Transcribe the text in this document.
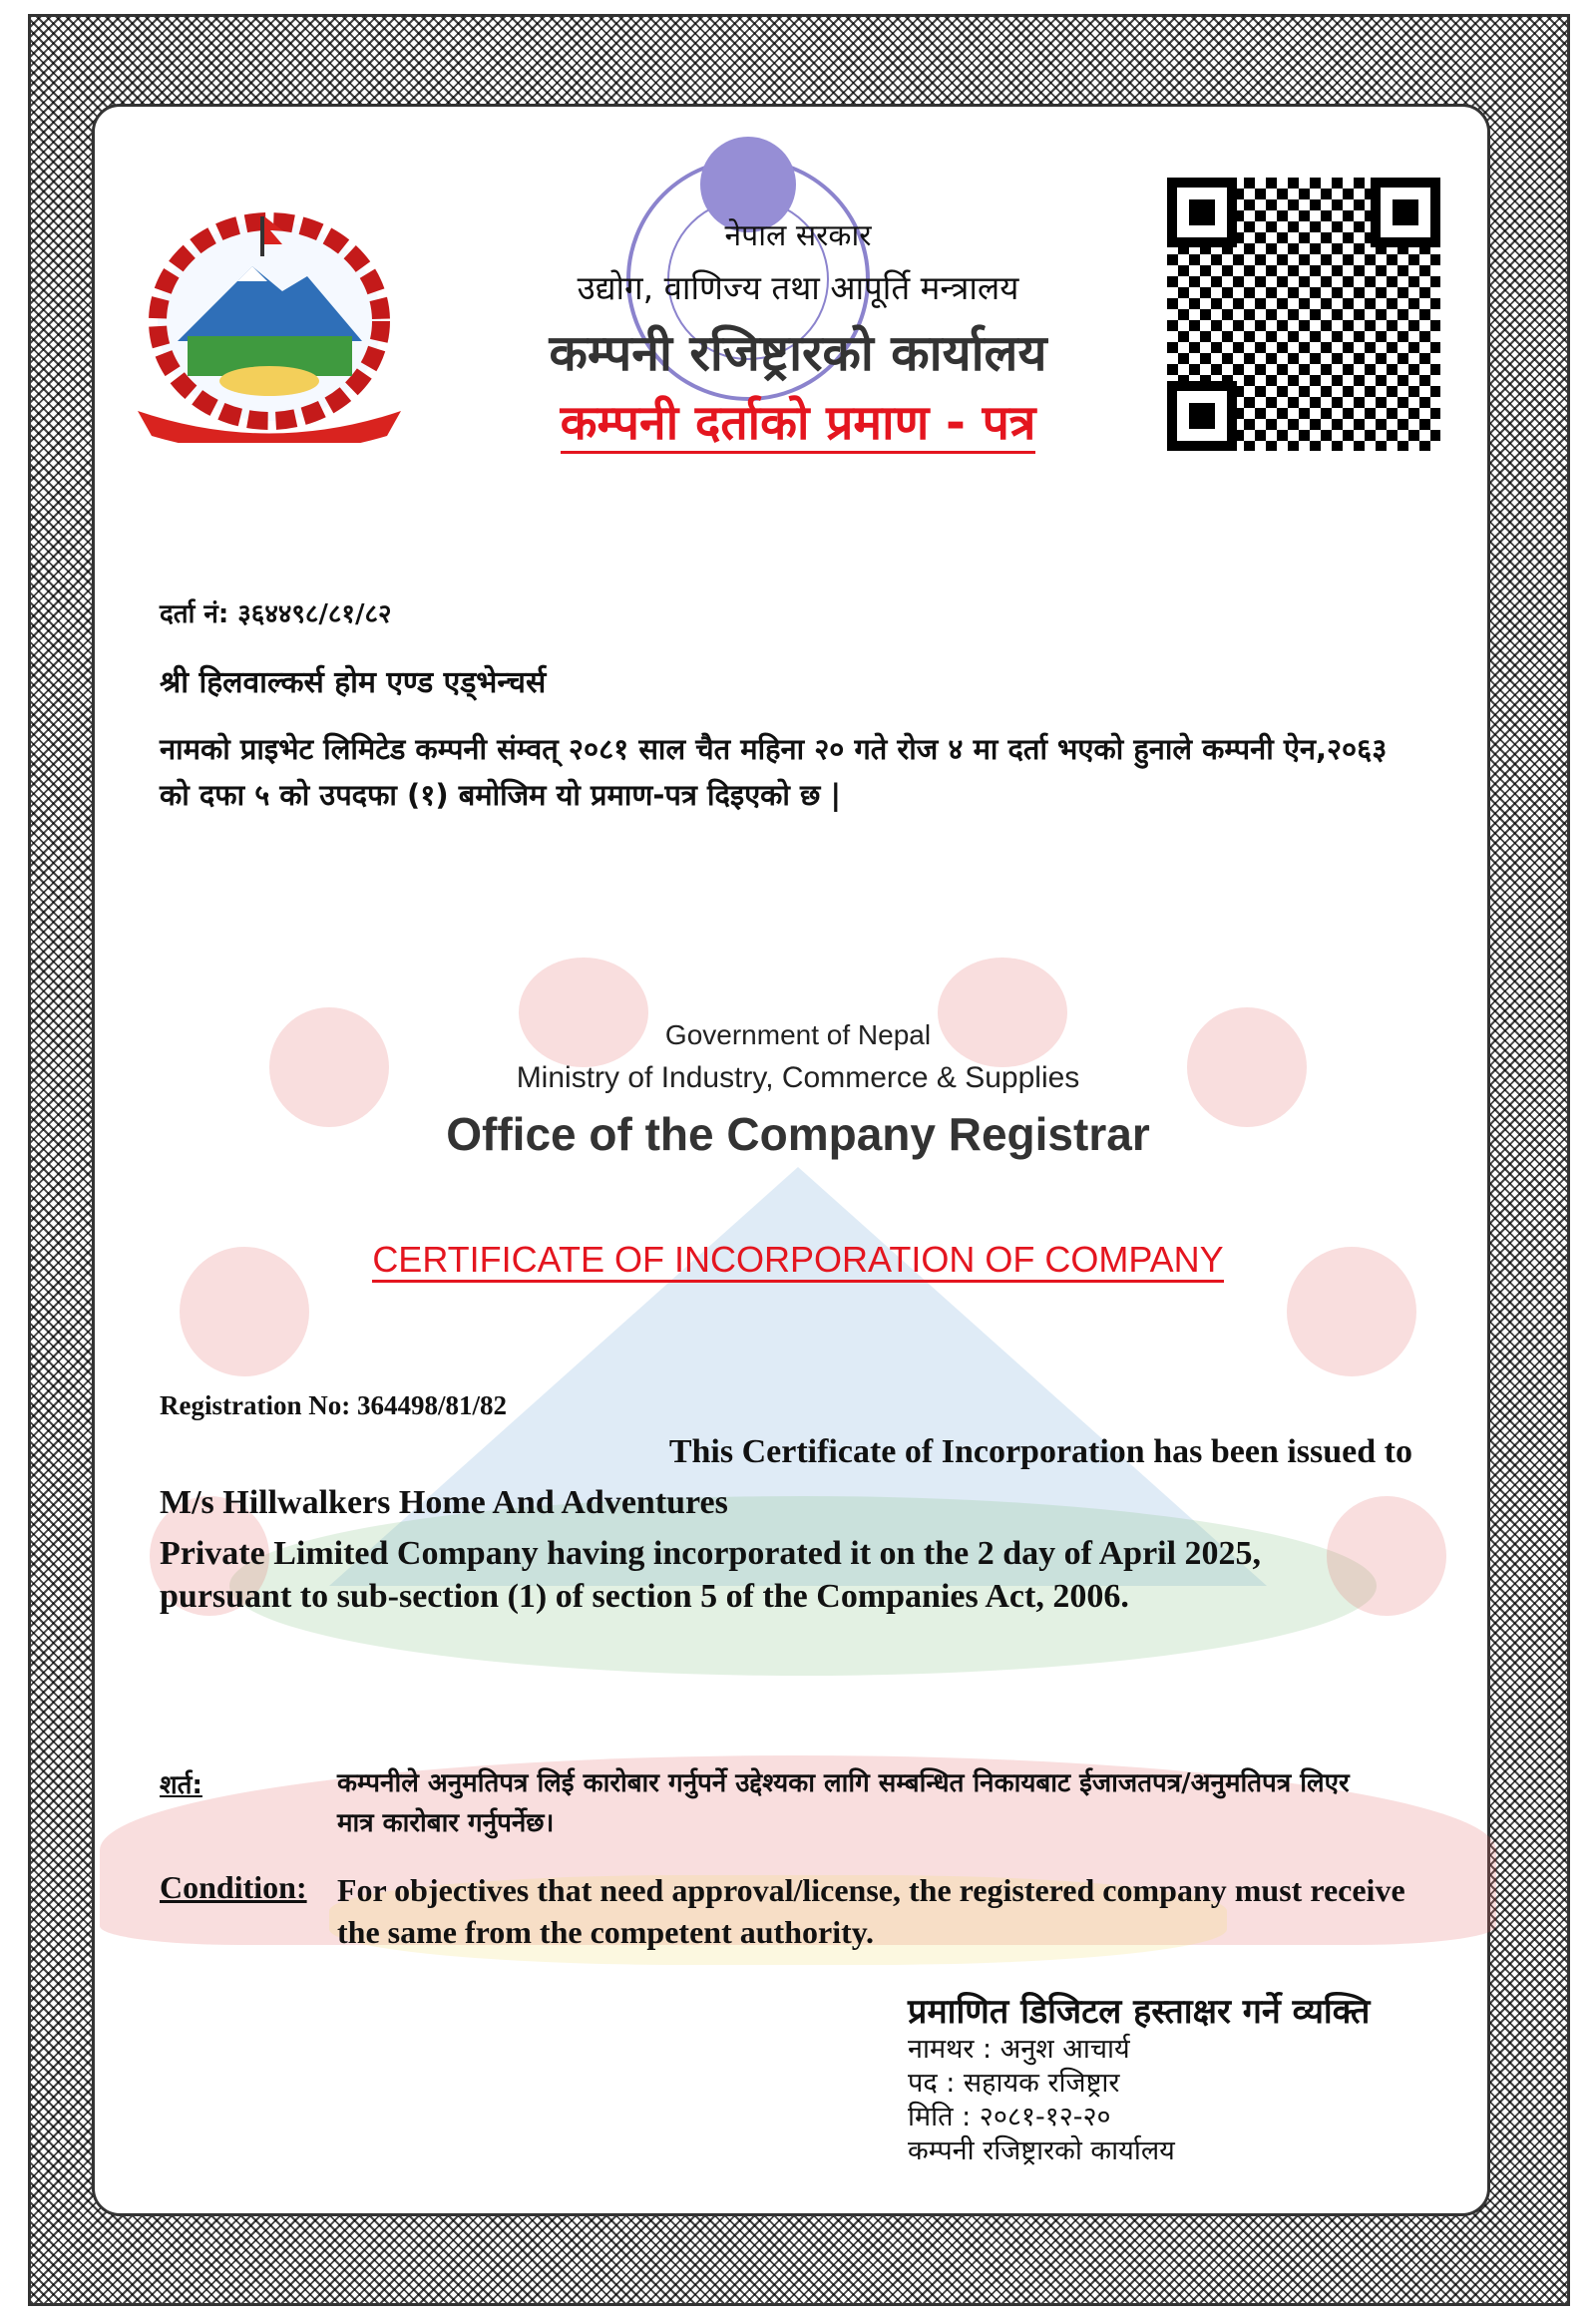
नेपाल सरकार
उद्योग, वाणिज्य तथा आपूर्ति मन्त्रालय
कम्पनी रजिष्ट्रारको कार्यालय
कम्पनी दर्ताको प्रमाण - पत्र
दर्ता नं: ३६४४९८/८१/८२
श्री हिलवाल्कर्स होम एण्ड एड्भेन्चर्स
नामको प्राइभेट लिमिटेड कम्पनी संम्वत् २०८१ साल चैत महिना २० गते रोज ४ मा दर्ता भएको हुनाले कम्पनी ऐन,२०६३ को दफा ५ को उपदफा (१) बमोजिम यो प्रमाण-पत्र दिइएको छ |
Government of Nepal
Ministry of Industry, Commerce & Supplies
Office of the Company Registrar
CERTIFICATE OF INCORPORATION OF COMPANY
Registration No: 364498/81/82
This Certificate of Incorporation has been issued to
M/s Hillwalkers Home And Adventures
Private Limited Company having incorporated it on the 2 day of April 2025,
pursuant to sub-section (1) of section 5 of the Companies Act, 2006.
शर्त:	कम्पनीले अनुमतिपत्र लिई कारोबार गर्नुपर्ने उद्देश्यका लागि सम्बन्धित निकायबाट ईजाजतपत्र/अनुमतिपत्र लिएर मात्र कारोबार गर्नुपर्नेछ।
Condition: For objectives that need approval/license, the registered company must receive the same from the competent authority.
प्रमाणित डिजिटल हस्ताक्षर गर्ने व्यक्ति
नामथर : अनुश आचार्य
पद : सहायक रजिष्ट्रार
मिति : २०८१-१२-२०
कम्पनी रजिष्ट्रारको कार्यालय
